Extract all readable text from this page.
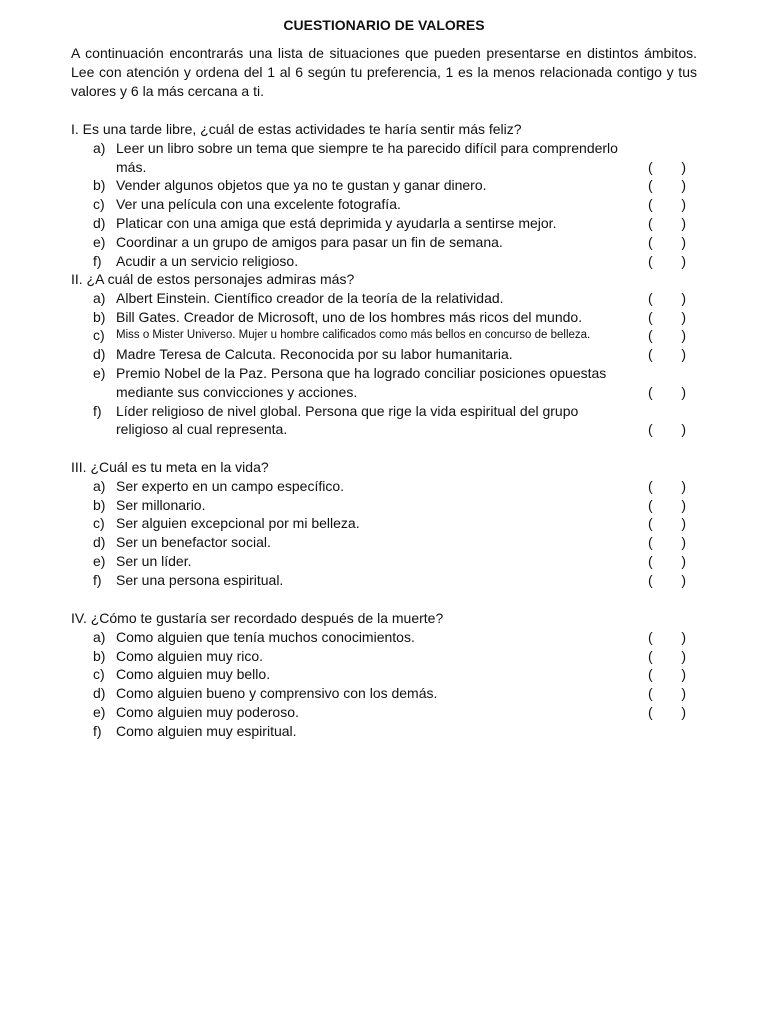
CUESTIONARIO DE VALORES
A continuación encontrarás una lista de situaciones que pueden presentarse en distintos ámbitos. Lee con atención y ordena del 1 al 6 según tu preferencia, 1 es la menos relacionada contigo y tus valores y 6 la más cercana a ti.

I. Es una tarde libre, ¿cuál de estas actividades te haría sentir más feliz?

a) Leer un libro sobre un tema que siempre te ha parecido difícil para comprenderlo más.	( )
b) Vender algunos objetos que ya no te gustan y ganar dinero.	( )
c) Ver una película con una excelente fotografía.	( )
d) Platicar con una amiga que está deprimida y ayudarla a sentirse mejor.	( )
e) Coordinar a un grupo de amigos para pasar un fin de semana.	( )
f)	Acudir a un servicio religioso.	( )

II. ¿A cuál de estos personajes admiras más?

a) Albert Einstein. Científico creador de la teoría de la relatividad.	( )
b) Bill Gates. Creador de Microsoft, uno de los hombres más ricos del mundo.	( )
c) Miss o Mister Universo. Mujer u hombre calificados como más bellos en concurso de belleza.	( )
d) Madre Teresa de Calcuta. Reconocida por su labor humanitaria.	( )
e) Premio Nobel de la Paz. Persona que ha logrado conciliar posiciones opuestas mediante sus convicciones y acciones.	( )
f)	Líder religioso de nivel global. Persona que rige la vida espiritual del grupo religioso al cual representa.	( )

III. ¿Cuál es tu meta en la vida?

a) Ser experto en un campo específico.	( )
b) Ser millonario.	( )
c) Ser alguien excepcional por mi belleza.	( )
d) Ser un benefactor social.	( )
e) Ser un líder.	( )
f)	Ser una persona espiritual.	( )

IV. ¿Cómo te gustaría ser recordado después de la muerte?

a) Como alguien que tenía muchos conocimientos.	( )
b) Como alguien muy rico.	( )
c) Como alguien muy bello.	( )
d) Como alguien bueno y comprensivo con los demás.	( )
e) Como alguien muy poderoso.	( )
f)	Como alguien muy espiritual.
